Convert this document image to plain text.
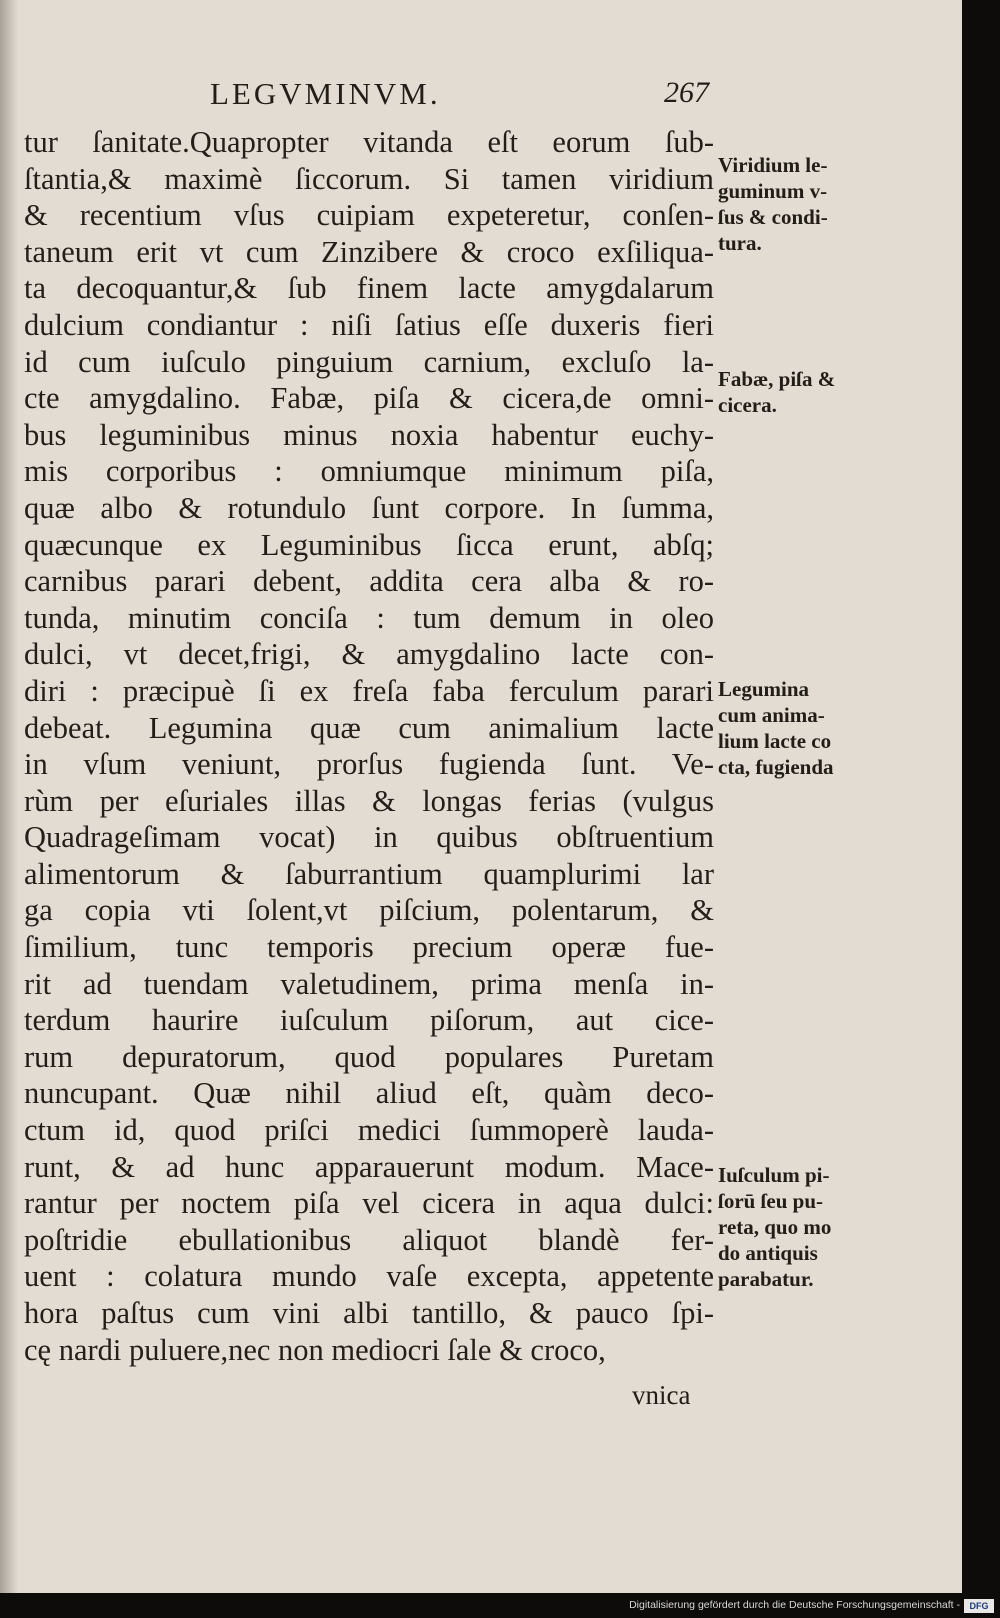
LEGVMINVM.	267
tur ſanitate.Quapropter vitanda eſt eorum ſub-
ſtantia,& maximè ſiccorum. Si tamen viridium
& recentium vſus cuipiam expeteretur, conſen-
taneum erit vt cum Zinzibere & croco exſiliqua-
ta decoquantur,& ſub finem lacte amygdalarum
dulcium condiantur : niſi ſatius eſſe duxeris fieri
id cum iuſculo pinguium carnium, excluſo la-
cte amygdalino. Fabæ, piſa & cicera,de omni-
bus leguminibus minus noxia habentur euchy-
mis corporibus : omniumque minimum piſa,
quæ albo & rotundulo ſunt corpore. In ſumma,
quæcunque ex Leguminibus ſicca erunt, abſq;
carnibus parari debent, addita cera alba & ro-
tunda, minutim conciſa : tum demum in oleo
dulci, vt decet,frigi, & amygdalino lacte con-
diri : præcipuè ſi ex freſa faba ferculum parari
debeat. Legumina quæ cum animalium lacte
in vſum veniunt, prorſus fugienda ſunt. Ve-
rùm per eſuriales illas & longas ferias (vulgus
Quadrageſimam vocat) in quibus obſtruentium
alimentorum & ſaburrantium quamplurimi lar
ga copia vti ſolent,vt piſcium, polentarum, &
ſimilium, tunc temporis precium operæ fue-
rit ad tuendam valetudinem, prima menſa in-
terdum haurire iuſculum piſorum, aut cice-
rum depuratorum, quod populares Puretam
nuncupant. Quæ nihil aliud eſt, quàm deco-
ctum id, quod priſci medici ſummoperè lauda-
runt, & ad hunc apparauerunt modum. Mace-
rantur per noctem piſa vel cicera in aqua dulci:
poſtridie ebullationibus aliquot blandè fer-
uent : colatura mundo vaſe excepta, appetente
hora paſtus cum vini albi tantillo, & pauco ſpi-
cę nardi puluere,nec non mediocri ſale & croco,
Viridium le-
guminum v-
ſus & condi-
tura.
Fabæ, piſa &
cicera.
Legumina
cum anima-
lium lacte co
cta, fugienda
Iuſculum pi-
ſorū ſeu pu-
reta, quo mo
do antiquis
parabatur.
vnica
Digitalisierung gefördert durch die Deutsche Forschungsgemeinschaft -	DFG
